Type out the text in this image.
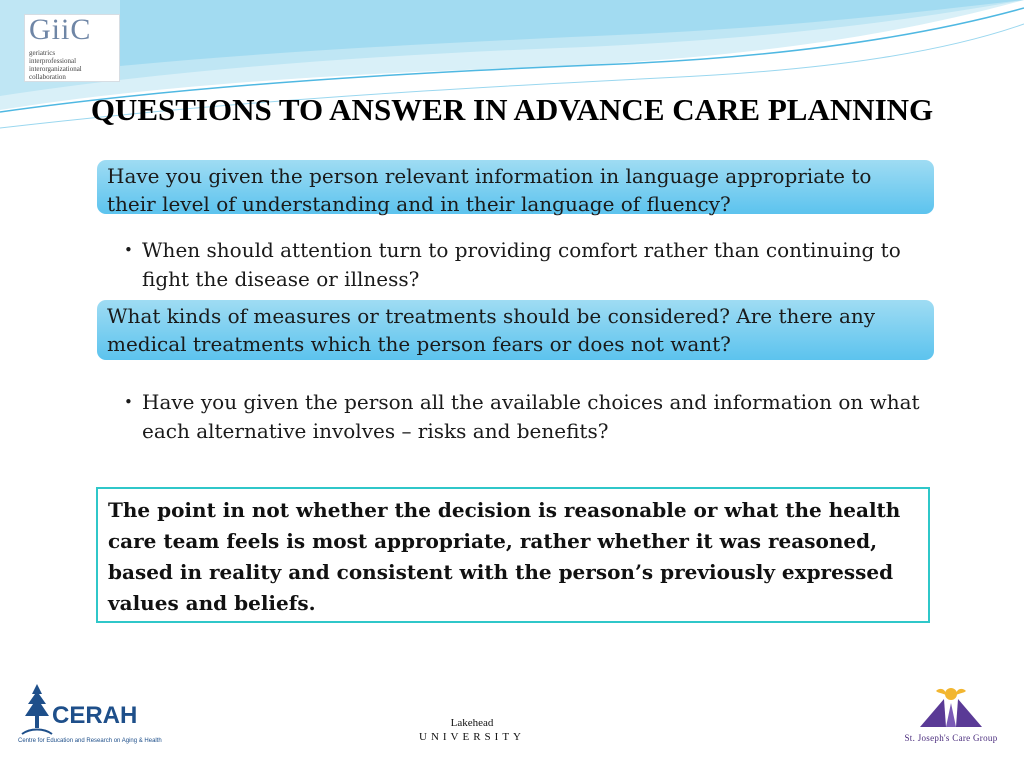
GiiC
geriatrics
interprofessional
interorganizational
collaboration
QUESTIONS TO ANSWER IN ADVANCE CARE PLANNING
Have you given the person relevant information in language appropriate to their level of understanding and in their language of fluency?
• When should attention turn to providing comfort rather than continuing to fight the disease or illness?
What kinds of measures or treatments should be considered? Are there any medical treatments which the person fears or does not want?
• Have you given the person all the available choices and information on what each alternative involves – risks and benefits?
The point in not whether the decision is reasonable or what the health care team feels is most appropriate, rather whether it was reasoned, based in reality and consistent with the person’s previously expressed values and beliefs.
CERAH
Centre for Education and Research on Aging & Health
Lakehead
UNIVERSITY	St. Joseph's Care Group
